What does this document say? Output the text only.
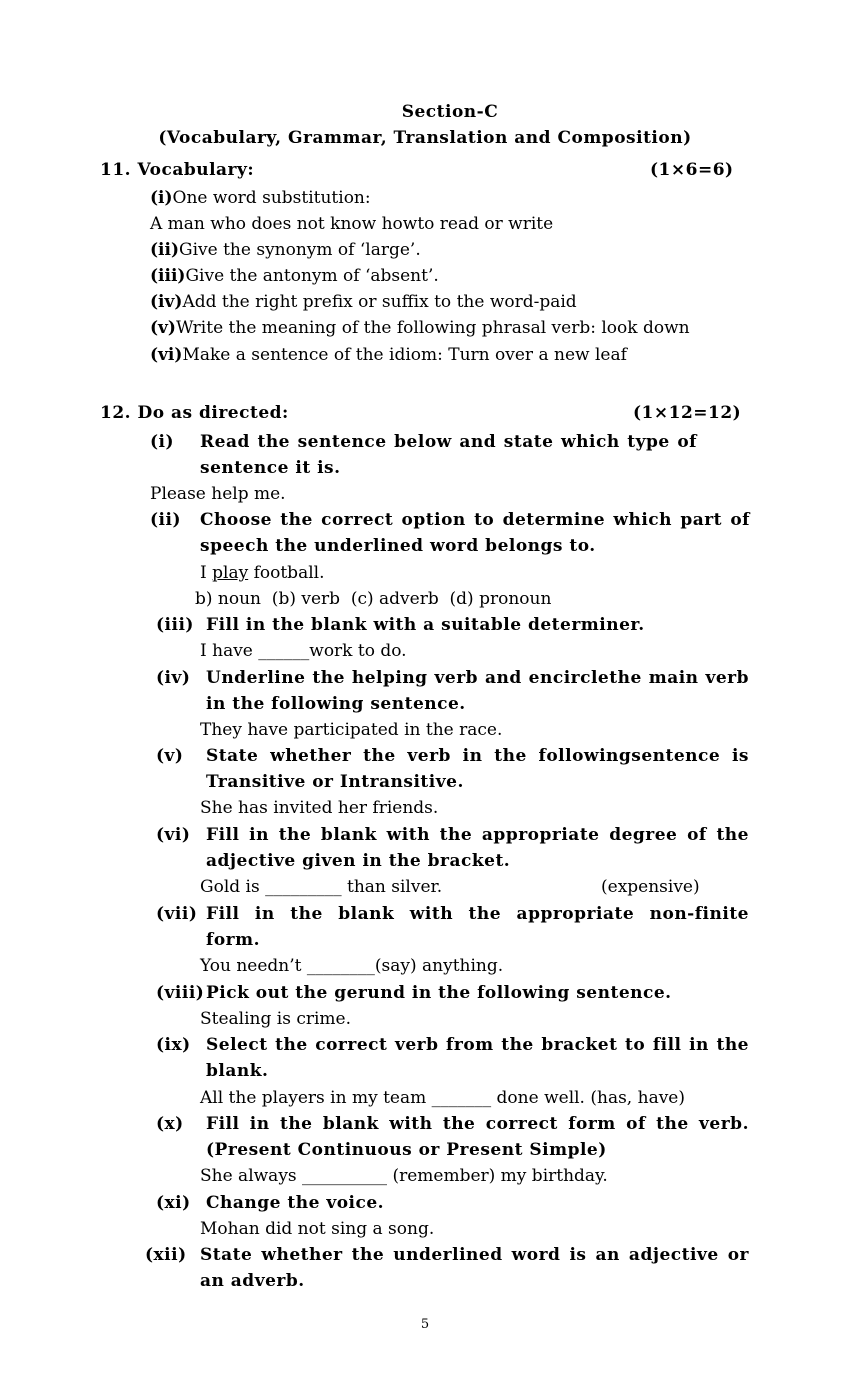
Section-C
(Vocabulary, Grammar, Translation and Composition)
11. Vocabulary:	(1×6=6)
(i)One word substitution:
A man who does not know howto read or write
(ii)Give the synonym of ‘large’.
(iii)Give the antonym of ‘absent’.
(iv)Add the right prefix or suffix to the word-paid
(v)Write the meaning of the following phrasal verb: look down
(vi)Make a sentence of the idiom: Turn over a new leaf
12. Do as directed:	(1×12=12)
(i) Read the sentence below and state which type of
sentence it is.
Please help me.
(ii) Choose the correct option to determine which part of
speech the underlined word belongs to.
I play football.
b) noun  (b) verb  (c) adverb  (d) pronoun
(iii) Fill in the blank with a suitable determiner.
I have ______work to do.
(iv) Underline the helping verb and encirclethe main verb
in the following sentence.
They have participated in the race.
(v) State whether the verb in the followingsentence is
Transitive or Intransitive.
She has invited her friends.
(vi) Fill in the blank with the appropriate degree of the
adjective given in the bracket.
Gold is _________ than silver.	(expensive)
(vii) Fill in the blank with the appropriate non-finite
form.
You needn’t ________(say) anything.
(viii) Pick out the gerund in the following sentence.
Stealing is crime.
(ix) Select the correct verb from the bracket to fill in the
blank.
All the players in my team _______ done well. (has, have)
(x) Fill in the blank with the correct form of the verb.
(Present Continuous or Present Simple)
She always __________ (remember) my birthday.
(xi) Change the voice.
Mohan did not sing a song.
(xii) State whether the underlined word is an adjective or
an adverb.
5
